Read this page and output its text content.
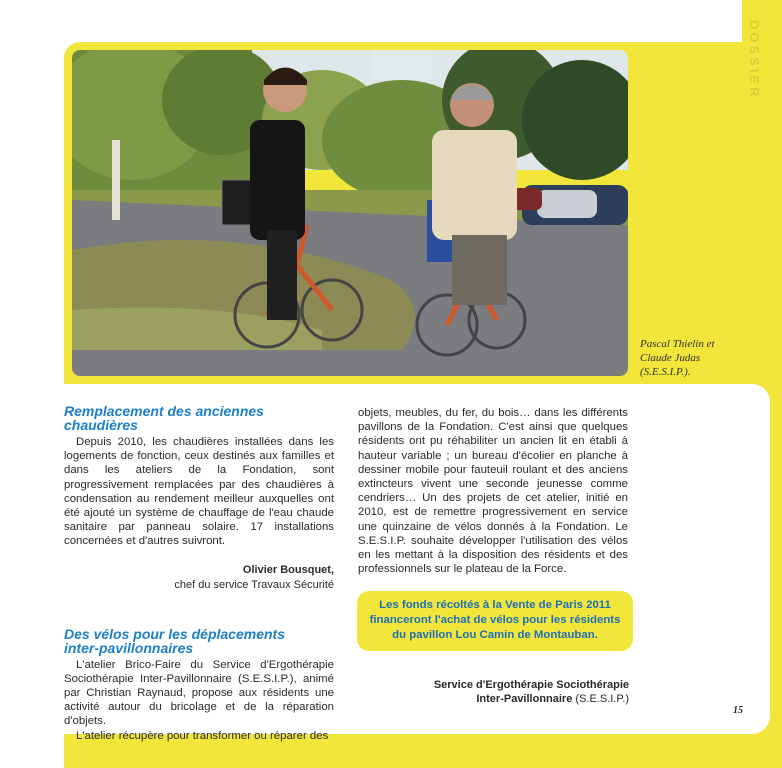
DOSSIER
Pascal Thielin et
Claude Judas
(S.E.S.I.P.).
Remplacement des anciennes chaudières

Depuis 2010, les chaudières installées dans les logements de fonction, ceux destinés aux familles et dans les ateliers de la Fondation, sont progressivement remplacées par des chaudières à condensation au rendement meilleur auxquelles ont été ajouté un système de chauffage de l'eau chaude sanitaire par panneau solaire. 17 installations concernées et d'autres suivront.

Olivier Bousquet,
chef du service Travaux Sécurité
Des vélos pour les déplacements
inter-pavillonnaires

L'atelier Brico-Faire du Service d'Ergothérapie Sociothérapie Inter-Pavillonnaire (S.E.S.I.P.), animé par Christian Raynaud, propose aux résidents une activité autour du bricolage et de la réparation d'objets.

L'atelier récupère pour transformer ou réparer des

objets, meubles, du fer, du bois… dans les différents pavillons de la Fondation. C'est ainsi que quelques résidents ont pu réhabiliter un ancien lit en établi à hauteur variable ; un bureau d'écolier en planche à dessiner mobile pour fauteuil roulant et des anciens extincteurs vivent une seconde jeunesse comme cendriers… Un des projets de cet atelier, initié en 2010, est de remettre progressivement en service une quinzaine de vélos donnés à la Fondation. Le S.E.S.I.P. souhaite développer l'utilisation des vélos en les mettant à la disposition des résidents et des professionnels sur le plateau de la Force.

Les fonds récoltés à la Vente de Paris 2011
financeront l'achat de vélos pour les résidents
du pavillon Lou Camin de Montauban.
Service d'Ergothérapie Sociothérapie
Inter-Pavillonnaire (S.E.S.I.P.)
15
